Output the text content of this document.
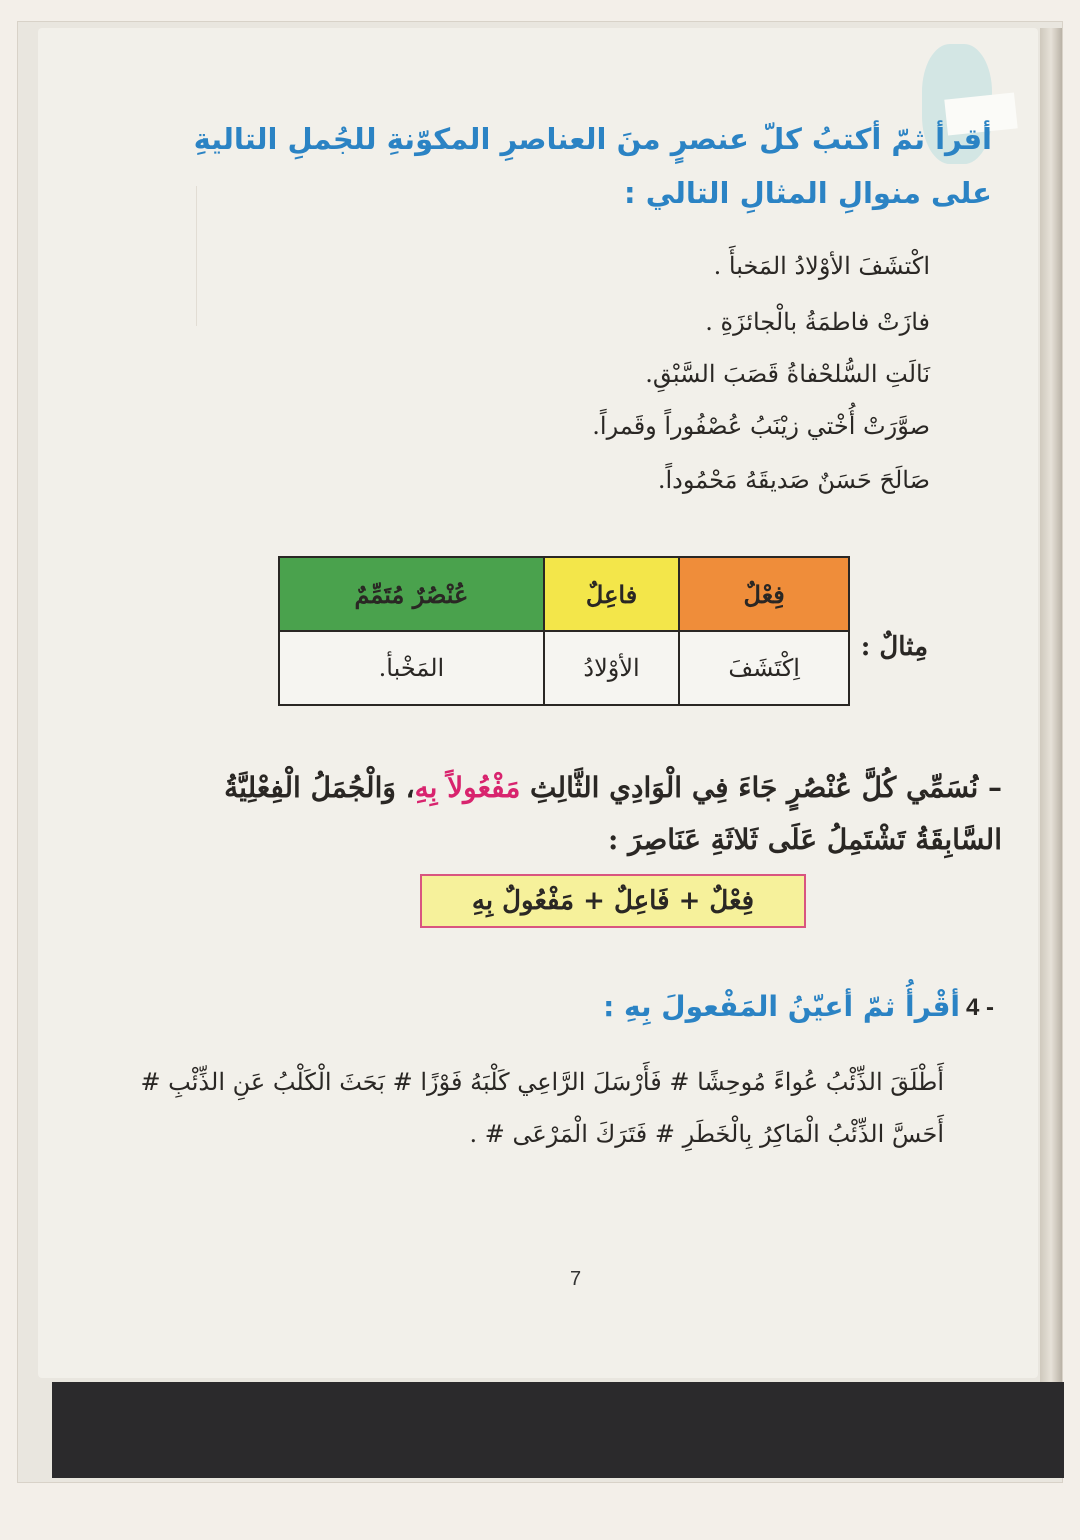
أقرأ ثمّ أكتبُ كلّ عنصرٍ منَ العناصرِ المكوّنةِ للجُملِ التاليةِ على منوالِ المثالِ التالي :
اكْتشَفَ الأوْلادُ المَخبأَ .
فازَتْ فاطمَةُ بالْجائزَةِ .
نَالَتِ السُّلحْفاةُ قَصَبَ السَّبْقِ.
صوَّرَتْ أُخْتي زيْنَبُ عُصْفُوراً وقَمراً.
صَالَحَ حَسَنٌ صَديقَهُ مَحْمُوداً.
مِثالٌ :
فِعْلٌ	فاعِلٌ	عُنْصُرٌ مُتَمِّمٌ
اِكْتَشَفَ	الأوْلادُ	المَخْبأ.
– نُسَمِّي كُلَّ عُنْصُرٍ جَاءَ فِي الْوَادِي الثَّالِثِ مَفْعُولاً بِهِ، وَالْجُمَلُ الْفِعْلِيَّةُ السَّابِقَةُ تَشْتَمِلُ عَلَى ثَلاثَةِ عَنَاصِرَ :
فِعْلٌ + فَاعِلٌ + مَفْعُولٌ بِهِ
4 -
أقْرأُ ثمّ أعيّنُ المَفْعولَ بِهِ :
أَطْلَقَ الذِّئْبُ عُواءً مُوحِشًا # فَأَرْسَلَ الرَّاعِي كَلْبَهُ فَوْزًا # بَحَثَ الْكَلْبُ عَنِ الذِّئْبِ #
أَحَسَّ الذِّئْبُ الْمَاكِرُ بِالْخَطَرِ # فَتَرَكَ الْمَرْعَى # .
7
